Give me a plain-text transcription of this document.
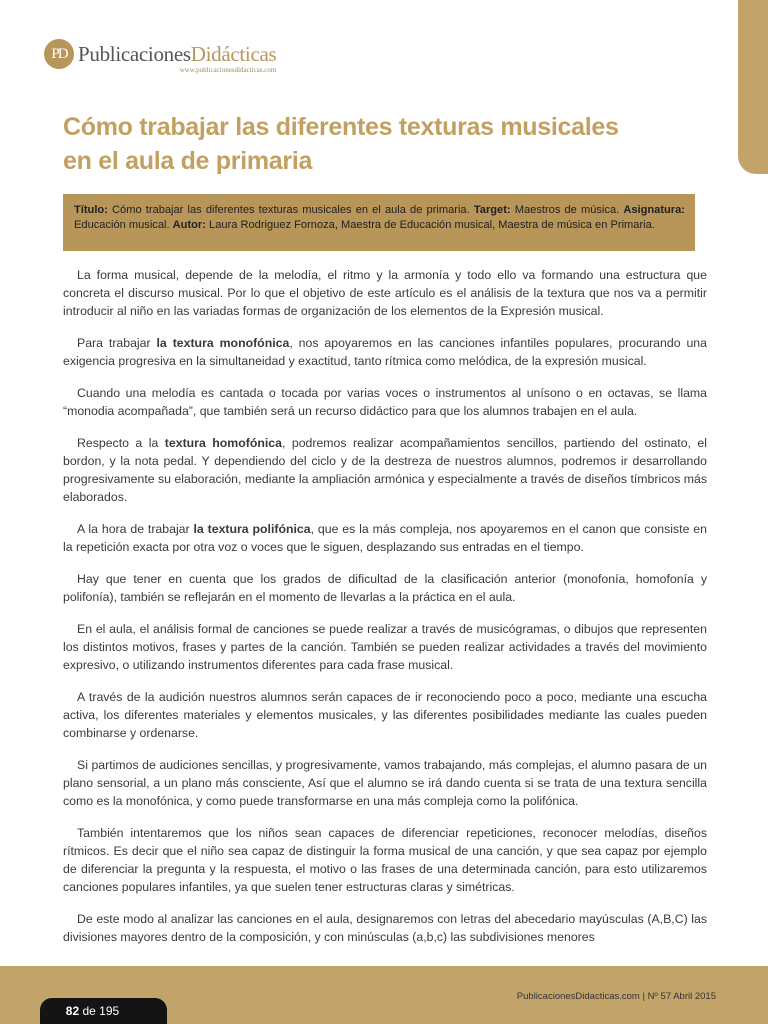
PD PublicacionesDidácticas
www.publicacionesdidacticas.com
Cómo trabajar las diferentes texturas musicales
en el aula de primaria
Título: Cómo trabajar las diferentes texturas musicales en el aula de primaria. Target: Maestros de música. Asignatura: Educación musical. Autor: Laura Rodriguez Fornoza, Maestra de Educación musical, Maestra de música en Primaria.

La forma musical, depende de la melodía, el ritmo y la armonía y todo ello va formando una estructura que concreta el discurso musical. Por lo que el objetivo de este artículo es el análisis de la textura que nos va a permitir introducir al niño en las variadas formas de organización de los elementos de la Expresión musical.

Para trabajar la textura monofónica, nos apoyaremos en las canciones infantiles populares, procurando una exigencia progresiva en la simultaneidad y exactitud, tanto rítmica como melódica, de la expresión musical.

Cuando una melodía es cantada o tocada por varias voces o instrumentos al unísono o en octavas, se llama “monodia acompañada”, que también será un recurso didáctico para que los alumnos trabajen en el aula.

Respecto a la textura homofónica, podremos realizar acompañamientos sencillos, partiendo del ostinato, el bordon, y la nota pedal. Y dependiendo del ciclo y de la destreza de nuestros alumnos, podremos ir desarrollando progresivamente su elaboración, mediante la ampliación armónica y especialmente a través de diseños tímbricos más elaborados.

A la hora de trabajar la textura polifónica, que es la más compleja, nos apoyaremos en el canon que consiste en la repetición exacta por otra voz o voces que le siguen, desplazando sus entradas en el tiempo.

Hay que tener en cuenta que los grados de dificultad de la clasificación anterior (monofonía, homofonía y polifonía), también se reflejarán en el momento de llevarlas a la práctica en el aula.

En el aula, el análisis formal de canciones se puede realizar a través de musicógramas, o dibujos que representen los distintos motivos, frases y partes de la canción. También se pueden realizar actividades a través del movimiento expresivo, o utilizando instrumentos diferentes para cada frase musical.

A través de la audición nuestros alumnos serán capaces de ir reconociendo poco a poco, mediante una escucha activa, los diferentes materiales y elementos musicales, y las diferentes posibilidades mediante las cuales pueden combinarse y ordenarse.

Si partimos de audiciones sencillas, y progresivamente, vamos trabajando, más complejas, el alumno pasara de un plano sensorial, a un plano más consciente, Así que el alumno se irá dando cuenta si se trata de una textura sencilla como es la monofónica, y como puede transformarse en una más compleja como la polifónica.

También intentaremos que los niños sean capaces de diferenciar repeticiones, reconocer melodías, diseños rítmicos. Es decir que el niño sea capaz de distinguir la forma musical de una canción, y que sea capaz por ejemplo de diferenciar la pregunta y la respuesta, el motivo o las frases de una determinada canción, para esto utilizaremos canciones populares infantiles, ya que suelen tener estructuras claras y simétricas.

De este modo al analizar las canciones en el aula, designaremos con letras del abecedario mayúsculas (A,B,C) las divisiones mayores dentro de la composición, y con minúsculas (a,b,c) las subdivisiones menores

PublicacionesDidacticas.com | Nº 57 Abril 2015
82 de 195
